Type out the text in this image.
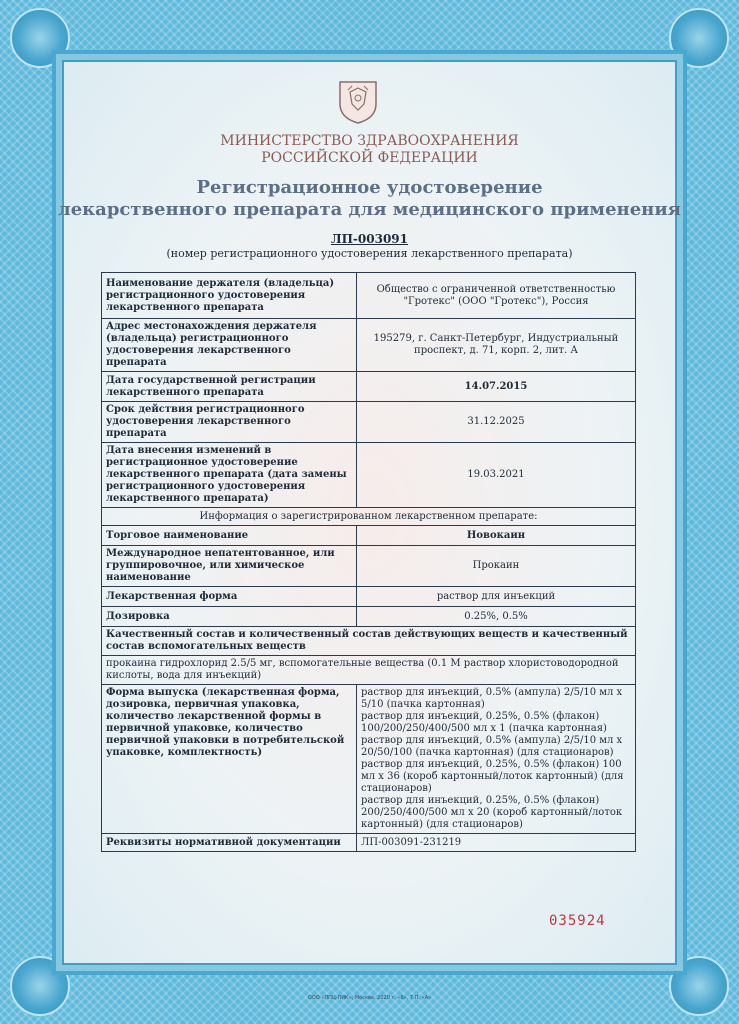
МИНИСТЕРСТВО ЗДРАВООХРАНЕНИЯ
РОССИЙСКОЙ ФЕДЕРАЦИИ
Регистрационное удостоверение
лекарственного препарата для медицинского применения
ЛП-003091
(номер регистрационного удостоверения лекарственного препарата)
Наименование держателя (владельца) регистрационного удостоверения лекарственного препарата	Общество с ограниченной ответственностью "Гротекс" (ООО "Гротекс"), Россия
Адрес местонахождения держателя (владельца) регистрационного удостоверения лекарственного препарата	195279, г. Санкт-Петербург, Индустриальный проспект, д. 71, корп. 2, лит. А
Дата государственной регистрации лекарственного препарата	14.07.2015
Срок действия регистрационного удостоверения лекарственного препарата	31.12.2025
Дата внесения изменений в регистрационное удостоверение лекарственного препарата (дата замены регистрационного удостоверения лекарственного препарата)	19.03.2021
Информация о зарегистрированном лекарственном препарате:	
Торговое наименование	Новокаин
Международное непатентованное, или группировочное, или химическое наименование	Прокаин
Лекарственная форма	раствор для инъекций
Дозировка	0.25%, 0.5%
Качественный состав и количественный состав действующих веществ и качественный состав вспомогательных веществ	
прокаина гидрохлорид 2.5/5 мг, вспомогательные вещества (0.1 М раствор хлористоводородной кислоты, вода для инъекций)	
Форма выпуска (лекарственная форма, дозировка, первичная упаковка, количество лекарственной формы в первичной упаковке, количество первичной упаковки в потребительской упаковке, комплектность)	раствор для инъекций, 0.5% (ампула) 2/5/10 мл х 5/10 (пачка картонная)
раствор для инъекций, 0.25%, 0.5% (флакон) 100/200/250/400/500 мл х 1 (пачка картонная)
раствор для инъекций, 0.5% (ампула) 2/5/10 мл х 20/50/100 (пачка картонная) (для стационаров)
раствор для инъекций, 0.25%, 0.5% (флакон) 100 мл х 36 (короб картонный/лоток картонный) (для стационаров)
раствор для инъекций, 0.25%, 0.5% (флакон) 200/250/400/500 мл х 20 (короб картонный/лоток картонный) (для стационаров)
Реквизиты нормативной документации	ЛП-003091-231219
035924
ООО «ППЦ-ПИК», Москва, 2020 г. «Б», Т.П. «А»
